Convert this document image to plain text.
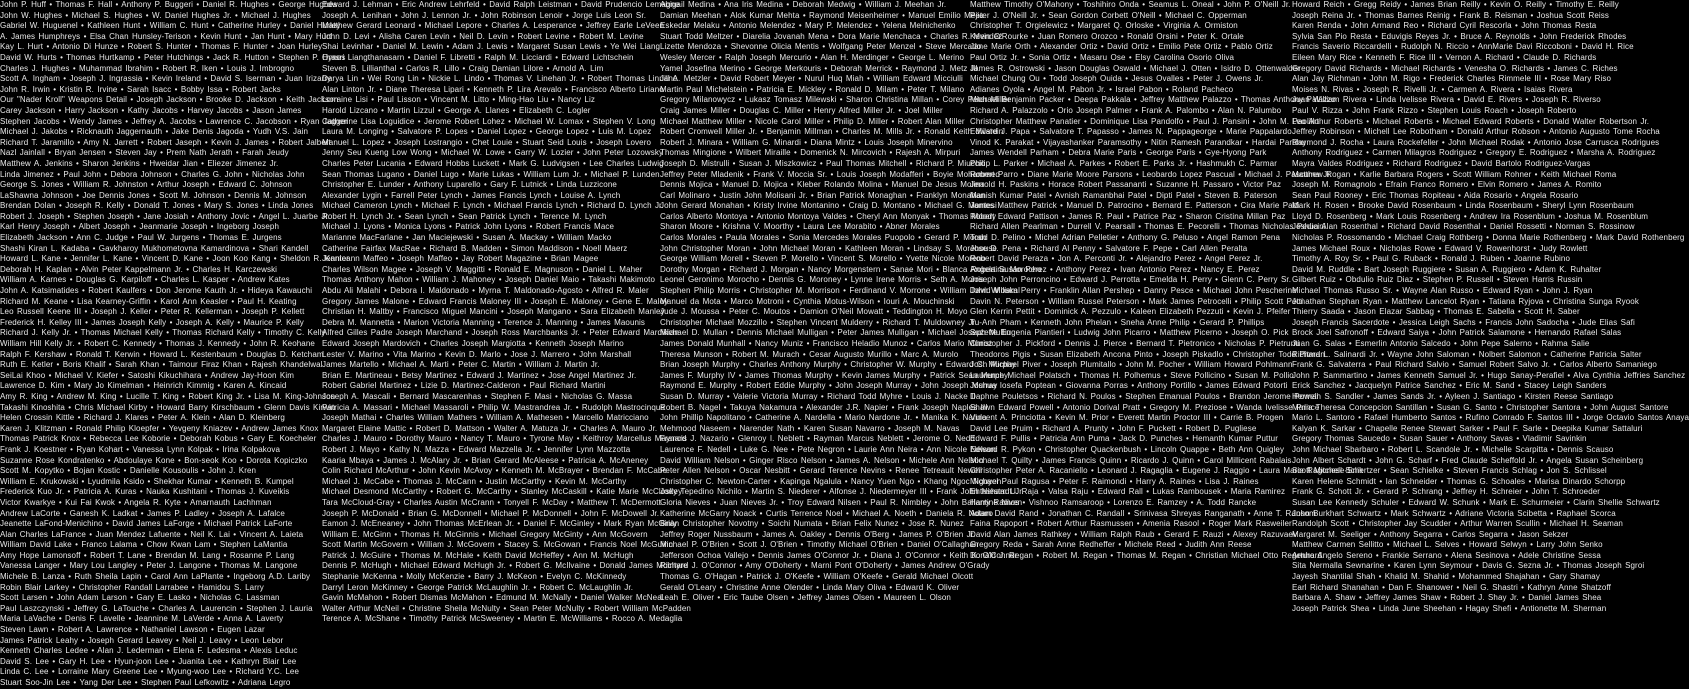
John P. Huff • Thomas F. Hall • Anthony P. Buggeri • Daniel R. Hughes • George Hughes
John W. Hughes • Michael S. Hughes • W. Daniel Hughes Jr. • Michael J. Hughes
Gabriel W. Huguenel • Kathleen Hunt • William C. Hunt • Catherine Hurley • Daniel Hurley
A. James Humphreys • Elsa Chan Hunsley-Terison • Kevin Hunt • Jan Hunt • Mary Hurt
Kay L. Hurt • Antonio Di Hunze • Robert S. Hunter • Thomas F. Hunter • Joan Hurley
David W. Hurts • Thomas Hurtkamp • Peter Hutchings • Jack R. Hutton • Stephen P. Hynes
Charles J. Hughes • Muhammad Ibrahim • Robert R. Iken • Louis J. Imbrogno
Scott A. Ingham • Joseph J. Ingrassia • Kevin Ireland • David S. Iserman • Juan Irizarry
John R. Irwin • Kristin R. Irvine • Sarah Isacc • Bobby Issa • Robert Jacks
Our "Nader Kroll" Weapons Detail • Joseph Jackson • Brooke D. Jackson • Keith Jackson
Carey Jackson • Harry Jackson • Kathy Jacobs • Harvey Jacobs • Jason James
Stephen Jacobs • Wendy James • Jeffrey A. Jacobs • Lawrence C. Jacobson • Ryan Jagger
Michael J. Jakobs • Ricknauth Jaggernauth • Jake Denis Jagoda • Yudh V.S. Jain
Richard T. Jaramillo • Amy N. Jarrett • Robert Jaseph • Kevin J. James • Robert Jalbert
Nazl Jainlall • Bryan Jensen • Steven Jay • Prem Nath Jerath • Farah Jeudy
Matthew A. Jenkins • Sharon Jenkins • Hweidar Jian • Eliezer Jimenez Jr.
Linda Jimenez • Paul John • Debora Johnson • Charles G. John • Nicholas John
George S. Jones • William R. Johnston • Arthur Joseph • Edward C. Johnson
LaShawna Johnson • Joe Dennis Jones • Scott M. Johnson • Dennis M. Johnson
Brendan Dolan • Joseph R. Kelly • Donald T. Jones • Mary S. Jones • Linda Jones
Robert J. Joseph • Stephen Joseph • Jane Josiah • Anthony Jovic • Angel L. Juarbe Jr.
Karl Henry Joseph • Albert Joseph • Jeanmarie Joseph • Ingeborg Joseph
Elizabeth Jackson • Ann C. Judge • Paul W. Jurgens • Thomas E. Jurgens
Shashi Kiran L. Kadaba • Gavkharoy Mukhometovna Kamardinova • Shari Kandell
Howard L. Kane • Jennifer L. Kane • Vincent D. Kane • Joon Koo Kang • Sheldon R. Kanter
Deborah H. Kaplan • Alvin Peter Kappelmann Jr. • Charles H. Karczewski
William A. Karnes • Douglas G. Karpiloff • Charles L. Kasper • Andrew Kates
John A. Katsimatides • Robert Kaulfers • Don Jerome Kauth Jr. • Hideya Kawauchi
Richard M. Keane • Lisa Kearney-Griffin • Karol Ann Keasler • Paul H. Keating
Leo Russell Keene III • Joseph J. Keller • Peter R. Kellerman • Joseph P. Kellett
Frederick H. Kelley III • James Joseph Kelly • Joseph A. Kelly • Maurice P. Kelly
Richard J. Kelly Jr. • Thomas Michael Kelly • Thomas Richard Kelly • Timothy C. Kelly
William Hill Kelly Jr. • Robert C. Kennedy • Thomas J. Kennedy • John R. Keohane
Ralph F. Kershaw • Ronald T. Kerwin • Howard L. Kestenbaum • Douglas D. Ketcham
Ruth E. Ketler • Boris Khalif • Sarah Khan • Taimour Firaz Khan • Rajesh Khandelwal
SeiLai Khoo • Michael V. Kiefer • Satoshi Kikuchihara • Andrew Jay-Hoon Kim
Lawrence D. Kim • Mary Jo Kimelman • Heinrich Kimmig • Karen A. Kincaid
Amy R. King • Andrew M. King • Lucille T. King • Robert King Jr. • Lisa M. King-Johnson
Takashi Kinoshita • Chris Michael Kirby • Howard Barry Kirschbaum • Glenn Davis Kirwin
Helen Crossin Kittle • Richard J. Klares • Peter A. Klein • Alan D. Kleinberg
Karen J. Klitzman • Ronald Philip Kloepfer • Yevgeny Kniazev • Andrew James Knox
Thomas Patrick Knox • Rebecca Lee Koborie • Deborah Kobus • Gary E. Koecheler
Frank J. Koestner • Ryan Kohart • Vanessa Lynn Kolpak • Irina Kolpakova
Suzanne Rose Kondratenko • Abdoulaye Kone • Bon-seok Koo • Dorota Kopiczko
Scott M. Kopytko • Bojan Kostic • Danielle Kousoulis • John J. Kren
William E. Krukowski • Lyudmila Ksido • Shekhar Kumar • Kenneth B. Kumpel
Frederick Kuo Jr. • Patricia A. Kuras • Nauka Kushitani • Thomas J. Kuveikis
Victor Kwarkye • Kui Fai Kwok • Angela R. Kyte • Amarnauth Lachhman
Andrew LaCorte • Ganesh K. Ladkat • James P. Ladley • Joseph A. Lafalce
Jeanette LaFond-Menichino • David James LaForge • Michael Patrick LaForte
Alan Charles LaFrance • Juan Mendez Lafuente • Neil K. Lai • Vincent A. Laieta
William David Lake • Franco Lalama • Chow Kwan Lam • Stephen LaMantia
Amy Hope Lamonsoff • Robert T. Lane • Brendan M. Lang • Rosanne P. Lang
Vanessa Langer • Mary Lou Langley • Peter J. Langone • Thomas M. Langone
Michele B. Lanza • Ruth Sheila Lapin • Carol Ann LaPlante • Ingeborg A.D. Lariby
Robin Blair Larkey • Christopher Randall Larrabee • Hamidou S. Larry
Scott Larsen • John Adam Larson • Gary E. Lasko • Nicholas C. Lassman
Paul Laszczynski • Jeffrey G. LaTouche • Charles A. Laurencin • Stephen J. Lauria
Maria LaVache • Denis F. Lavelle • Jeannine M. LaVerde • Anna A. Laverty
Steven Lawn • Robert A. Lawrence • Nathaniel Lawson • Eugen Lazar
James Patrick Leahy • Joseph Gerard Leavey • Neil J. Leavy • Leon Lebor
Kenneth Charles Ledee • Alan J. Lederman • Elena F. Ledesma • Alexis Leduc
David S. Lee • Gary H. Lee • Hyun-joon Lee • Juanita Lee • Kathryn Blair Lee
Linda C. Lee • Lorraine Mary Greene Lee • Myung-woo Lee • Richard Y.C. Lee
Stuart Soo-Jin Lee • Yang Der Lee • Stephen Paul Lefkowitz • Adriana Legro
Edward J. Lehman • Eric Andrew Lehrfeld • David Ralph Leistman • David Prudencio Lemagne
Joseph A. Lenihan • John J. Lennon Jr. • John Robinson Lenoir • Jorge Luis Leon Sr.
Matthew Gerard Leonard • Michael Lepore • Charles A. Lesperance • Jeffrey Earle LeVeen
John D. Levi • Alisha Caren Levin • Neil D. Levin • Robert Levine • Robert M. Levine
Shai Levinhar • Daniel M. Lewin • Adam J. Lewis • Margaret Susan Lewis • Ye Wei Liang
Orasri Liangthanasarn • Daniel F. Libretti • Ralph M. Licciardi • Edward Lichtschein
Steven B. Lillianthal • Carlos R. Lillo • Craig Damian Lilore • Arnold A. Lim
Darya Lin • Wei Rong Lin • Nickie L. Lindo • Thomas V. Linehan Jr. • Robert Thomas Linnane
Alan Linton Jr. • Diane Theresa Lipari • Kenneth P. Lira Arevalo • Francisco Alberto Liriano
Lorraine Lisi • Paul Lisson • Vincent M. Litto • Ming-Hao Liu • Nancy Liz
Harold Lizcano • Martin Lizzul • George A. Llanes • Elizabeth C. Logler
Catherine Lisa Loguidice • Jerome Robert Lohez • Michael W. Lomax • Stephen V. Long
Laura M. Longing • Salvatore P. Lopes • Daniel Lopez • George Lopez • Luis M. Lopez
Manuel L. Lopez • Joseph Lostrangio • Chet Louie • Stuart Seid Louis • Joseph Lovero
Jenny Seu Kueng Low Wong • Michael W. Lowe • Garry W. Lozier • John Peter Lozowsky
Charles Peter Lucania • Edward Hobbs Luckett • Mark G. Ludvigsen • Lee Charles Ludwig
Sean Thomas Lugano • Daniel Lugo • Marie Lukas • William Lum Jr. • Michael P. Lunden
Christopher E. Lunder • Anthony Luparello • Gary F. Lutnick • Linda Luzzicone
Alexander Lygin • Farrell Peter Lynch • James Francis Lynch • Louise A. Lynch
Michael Cameron Lynch • Michael F. Lynch • Michael Francis Lynch • Richard D. Lynch Jr.
Robert H. Lynch Jr. • Sean Lynch • Sean Patrick Lynch • Terence M. Lynch
Michael J. Lyons • Monica Lyons • Patrick John Lyons • Robert Francis Mace
Marianne MacFarlane • Jan Maciejewski • Susan A. Mackay • William Macko
Catherine Fairfax MacRae • Richard B. Madden • Simon Maddison • Noell Maerz
Jennieann Maffeo • Joseph Maffeo • Jay Robert Magazine • Brian Magee
Charles Wilson Magee • Joseph V. Maggitti • Ronald E. Magnuson • Daniel L. Maher
Thomas Anthony Mahon • William J. Mahoney • Joseph Daniel Maio • Takashi Makimoto
Abdu Ali Malahi • Debora I. Maldonado • Myrna T. Maldonado-Agosto • Alfred R. Maler
Gregory James Malone • Edward Francis Maloney III • Joseph E. Maloney • Gene E. Maloy
Christian H. Maltby • Francisco Miguel Mancini • Joseph Mangano • Sara Elizabeth Manley
Debra M. Mannetta • Marion Victoria Manning • Terence J. Manning • James Maounis
Alfred Gilles Padre Joseph Marchand • Joseph Ross Marchbanks Jr. • Peter Edward Mardikian
Edward Joseph Mardovich • Charles Joseph Margiotta • Kenneth Joseph Marino
Lester V. Marino • Vita Marino • Kevin D. Marlo • Jose J. Marrero • John Marshall
James Martello • Michael A. Marti • Peter C. Martin • William J. Martin Jr.
Brian E. Martineau • Betsy Martinez • Edward J. Martinez • Jose Angel Martinez Jr.
Robert Gabriel Martinez • Lizie D. Martinez-Calderon • Paul Richard Martini
Joseph A. Mascali • Bernard Mascarenhas • Stephen F. Masi • Nicholas G. Massa
Patricia A. Massari • Michael Massaroli • Philip W. Mastrandrea Jr. • Rudolph Mastrocinque
Joseph Mathai • Charles William Mathers • William A. Mathesen • Marcello Matricciano
Margaret Elaine Mattic • Robert D. Mattson • Walter A. Matuza Jr. • Charles A. Mauro Jr.
Charles J. Mauro • Dorothy Mauro • Nancy T. Mauro • Tyrone May • Keithroy Marcellus Maynard
Robert J. Mayo • Kathy N. Mazza • Edward Mazzella Jr. • Jennifer Lynn Mazzotta
Kaaria Mbaya • James J. McAlary Jr. • Brian Gerard McAleese • Patricia A. McAneney
Colin Richard McArthur • John Kevin McAvoy • Kenneth M. McBrayer • Brendan F. McCabe
Michael J. McCabe • Thomas J. McCann • Justin McCarthy • Kevin M. McCarthy
Michael Desmond McCarthy • Robert G. McCarthy • Stanley McCaskill • Katie Marie McCloskey
Tara McCloud-Gray • Charles Austin McCrann • Tonyell F. McDay • Matthew T. McDermott
Joseph P. McDonald • Brian G. McDonnell • Michael P. McDonnell • John F. McDowell Jr.
Eamon J. McEneaney • John Thomas McErlean Jr. • Daniel F. McGinley • Mark Ryan McGinly
William E. McGinn • Thomas H. McGinnis • Michael Gregory McGinty • Ann McGovern
Scott Martin McGovern • William J. McGovern • Stacey S. McGowan • Francis Noel McGuinn
Patrick J. McGuire • Thomas M. McHale • Keith David McHeffey • Ann M. McHugh
Dennis P. McHugh • Michael Edward McHugh Jr. • Robert G. McIlvaine • Donald James McIntyre
Stephanie McKenna • Molly McKenzie • Barry J. McKeon • Evelyn C. McKinnedy
Darryl Leron McKinney • George Patrick McLaughlin Jr. • Robert C. McLaughlin Jr.
Gavin McMahon • Robert Dismas McMahon • Edmund M. McNally • Daniel Walker McNeal
Walter Arthur McNeil • Christine Sheila McNulty • Sean Peter McNulty • Robert William McPadden
Terence A. McShane • Timothy Patrick McSweeney • Martin E. McWilliams • Rocco A. Medaglia
Abigail Medina • Ana Iris Medina • Deborah Medwig • William J. Meehan Jr.
Damian Meehan • Alok Kumar Mehta • Raymond Meisenheimer • Manuel Emilio Mejia
Eskedar Melaku • Antonio Melendez • Mary P. Melendez • Yelena Melnichenko
Stuart Todd Meltzer • Diarelia Jovanah Mena • Dora Marie Menchaca • Charles R. Mendez
Lizette Mendoza • Shevonne Olicia Mentis • Wolfgang Peter Menzel • Steve Mercado
Wesley Mercer • Ralph Joseph Mercurio • Alan H. Merdinger • George L. Merino
Yamel Josefina Merino • George Merkouris • Deborah Merrick • Raymond J. Metz III
Jill A. Metzler • David Robert Meyer • Nurul Huq Miah • William Edward Micciulli
Martin Paul Michelstein • Patricia E. Mickley • Ronald D. Milam • Peter T. Milano
Gregory Milanowycz • Lukasz Tomasz Milewski • Sharon Christina Millan • Corey Peter Miller
Craig James Miller • Douglas C. Miller • Henry Alfred Miller Jr. • Joel Miller
Michael Matthew Miller • Nicole Carol Miller • Philip D. Miller • Robert Alan Miller
Robert Cromwell Miller Jr. • Benjamin Millman • Charles M. Mills Jr. • Ronald Keith Milstein
Robert J. Minara • William G. Minardi • Diana Mintz • Louis Joseph Minervino
Thomas Mingione • Wilbert Miraille • Domenick N. Mircovich • Rajesh A. Mirpuri
Joseph D. Mistrulli • Susan J. Miszkowicz • Paul Thomas Mitchell • Richard P. Miuccio
Jeffrey Peter Mladenik • Frank V. Moccia Sr. • Louis Joseph Modafferi • Boyie Mohammed
Dennis Mojica • Manuel D. Mojica • Kleber Rolando Molina • Manuel De Jesus Molina
Carl Molinaro • Justin John Molisani Jr. • Brian Patrick Monaghan • Franklyn Monahan
John Gerard Monahan • Kristy Irvine Montanino • Craig D. Montano • Michael G. Montesi
Carlos Alberto Montoya • Antonio Montoya Valdes • Cheryl Ann Monyak • Thomas Moody
Sharon Moore • Krishna V. Moorthy • Laura Lee Morabito • Abner Morales
Carlos Morales • Paula Morales • Sonia Mercedes Morales Puopolo • Gerard P. Moran
John Christopher Moran • John Michael Moran • Kathleen Moran • Lindsay S. Morehouse
George William Morell • Steven P. Morello • Vincent S. Morello • Yvette Nicole Moreno
Dorothy Morgan • Richard J. Morgan • Nancy Morgenstern • Sanae Mori • Blanca Robertina Morocho
Leonel Geronimo Morocho • Dennis G. Moroney • Lynne Irene Morris • Seth A. Morris
Stephen Philip Morris • Christopher M. Morrison • Ferdinand V. Morrone • William David Moskal
Manuel da Mota • Marco Motroni • Cynthia Motus-Wilson • Iouri A. Mouchinski
Jude J. Moussa • Peter C. Moutos • Damion O'Neil Mowatt • Teddington H. Moyo
Christopher Michael Mozzillo • Stephen Vincent Mulderry • Richard T. Muldowney Jr.
Michael D. Mullan • Dennis Michael Mulligan • Peter James Mulligan • Michael Joseph Mullin
James Donald Munhall • Nancy Muniz • Francisco Heladio Munoz • Carlos Mario Munoz
Theresa Munson • Robert M. Murach • Cesar Augusto Murillo • Marc A. Murolo
Brian Joseph Murphy • Charles Anthony Murphy • Christopher W. Murphy • Edward C. Murphy
James F. Murphy IV • James Thomas Murphy • Kevin James Murphy • Patrick Sean Murphy
Raymond E. Murphy • Robert Eddie Murphy • John Joseph Murray • John Joseph Murray
Susan D. Murray • Valerie Victoria Murray • Richard Todd Myhre • Louis J. Nacke II
Robert B. Nagel • Takuya Nakamura • Alexander J.R. Napier • Frank Joseph Naples III
John Phillip Napolitano • Catherine A. Nardella • Mario Nardone Jr. • Manika K. Narula
Mehmood Naseem • Narender Nath • Karen Susan Navarro • Joseph M. Navas
Francis J. Nazario • Glenroy I. Neblett • Rayman Marcus Neblett • Jerome O. Nedd
Laurence F. Nedell • Luke G. Nee • Pete Negron • Laurie Ann Neira • Ann Nicole Nelson
David William Nelson • Ginger Risco Nelson • James A. Nelson • Michele Ann Nelson
Peter Allen Nelson • Oscar Nesbitt • Gerard Terence Nevins • Renee Tetreault Newell
Christopher C. Newton-Carter • Kapinga Ngalula • Nancy Yuen Ngo • Khang Ngoc Nguyen
Jody Tepedino Nichilo • Martin S. Niederer • Alfonse J. Niedermeyer III • Frank John Niestadt Jr.
Gloria Nieves • Juan Nieves Jr. • Troy Edward Nilsen • Paul R. Nimbley • John Ballantine Niven
Katherine McGarry Noack • Curtis Terrence Noel • Michael A. Noeth • Daniela R. Notaro
Brian Christopher Novotny • Soichi Numata • Brian Felix Nunez • Jose R. Nunez
Jeffrey Roger Nussbaum • James A. Oakley • Dennis O'Berg • James P. O'Brien Jr.
Michael P. O'Brien • Scott J. O'Brien • Timothy Michael O'Brien • Daniel O'Callaghan
Jefferson Ochoa Vallejo • Dennis James O'Connor Jr. • Diana J. O'Connor • Keith K. O'Connor
Richard J. O'Connor • Amy O'Doherty • Marni Pont O'Doherty • James Andrew O'Grady
Thomas G. O'Hagan • Patrick J. O'Keefe • William O'Keefe • Gerald Michael Olcott
Gerald O'Leary • Christine Anne Olender • Linda Mary Oliva • Edward K. Oliver
Leah E. Oliver • Eric Taube Olsen • Jeffrey James Olsen • Maureen L. Olson
Matthew Timothy O'Mahony • Toshihiro Onda • Seamus L. Oneal • John P. O'Neill Jr.
Peter J. O'Neill Jr. • Sean Gordon Corbett O'Neill • Michael C. Opperman
Christopher T. Orgielewicz • Margaret Q. Orloske • Virginia A. Ormiston
Kevin O'Rourke • Juan Romero Orozco • Ronald Orsini • Peter K. Ortale
Jane Marie Orth • Alexander Ortiz • David Ortiz • Emilio Pete Ortiz • Pablo Ortiz
Paul Ortiz Jr. • Sonia Ortiz • Masaru Ose • Elsy Carolina Osorio Oliva
James R. Ostrowski • Jason Douglas Oswald • Michael J. Otten • Isidro D. Ottenwalder
Michael Chung Ou • Todd Joseph Ouida • Jesus Ovalles • Peter J. Owens Jr.
Adianes Oyola • Angel M. Pabon Jr. • Israel Pabon • Roland Pacheco
Michael Benjamin Packer • Deepa Pakkala • Jeffrey Matthew Palazzo • Thomas Anthony Palazzo
Richard A. Palazzolo • Orio Joseph Palmer • Frank A. Palombo • Alan N. Palumbo
Christopher Matthew Panatier • Dominique Lisa Pandolfo • Paul J. Pansini • John M. Paolillo
Edward J. Papa • Salvatore T. Papasso • James N. Pappageorge • Marie Pappalardo
Vinod K. Parakat • Vijayashanker Paramsothy • Nitin Ramesh Parandkar • Hardai Parbhu
James Wendell Parham • Debra Marie Paris • George Paris • Gye-Hyong Park
Philip L. Parker • Michael A. Parkes • Robert E. Parks Jr. • Hashmukh C. Parmar
Robert Parro • Diane Marie Moore Parsons • Leobardo Lopez Pascual • Michael J. Pascuma Jr.
Jerrold H. Paskins • Horace Robert Passananti • Suzanne H. Passaro • Victor Paz
Manish Kumar Patel • Avnish Ramanbhai Patel • Dipti Patel • Steven B. Paterson
James Matthew Patrick • Manuel D. Patrocino • Bernard E. Patterson • Cira Marie Patti
Robert Edward Pattison • James R. Paul • Patrice Paz • Sharon Cristina Millan Paz
Richard Allen Pearlman • Durrell V. Pearsall • Thomas E. Pecorelli • Thomas Nicholas Pedicini
Todd D. Pelino • Michel Adrian Pelletier • Anthony G. Peluso • Angel Ramon Pena
Jose D. Pena • Richard Al Penny • Salvatore F. Pepe • Carl Allen Peralta
Robert David Peraza • Jon A. Perconti Jr. • Alejandro Perez • Angel Perez Jr.
Angela Susan Perez • Anthony Perez • Ivan Antonio Perez • Nancy E. Perez
Joseph John Perroncino • Edward J. Perrotta • Emelda H. Perry • Glenn C. Perry Sr.
John William Perry • Franklin Allan Pershep • Danny Pesce • Michael John Pescherine
Davin N. Peterson • William Russel Peterson • Mark James Petrocelli • Philip Scott Petti
Glen Kerrin Pettit • Dominick A. Pezzulo • Kaleen Elizabeth Pezzuti • Kevin J. Pfeifer
Tu-Anh Pham • Kenneth John Phelan • Sneha Anne Philip • Gerard P. Phillips
Suzette Eugenia Piantieri • Ludwig John Picarro • Matthew Picerno • Joseph O. Pick
Christopher J. Pickford • Dennis J. Pierce • Bernard T. Pietronico • Nicholas P. Pietrunti
Theodoros Pigis • Susan Elizabeth Ancona Pinto • Joseph Piskadlo • Christopher Todd Pitman
Josh Michael Piver • Joseph Plumitallo • John M. Pocher • William Howard Pohlmann
Laurence Michael Polatsch • Thomas H. Polhemus • Steve Pollicino • Susan M. Pollio
Joshua Iosefa Poptean • Giovanna Porras • Anthony Portillo • James Edward Potorti
Daphne Pouletsos • Richard N. Poulos • Stephen Emanual Poulos • Brandon Jerome Powell
Shawn Edward Powell • Antonio Dorival Pratt • Gregory M. Preziose • Wanda Ivelisse Prince
Vincent A. Princiotta • Kevin M. Prior • Everett Martin Proctor III • Carrie B. Progen
David Lee Pruim • Richard A. Prunty • John F. Puckett • Robert D. Pugliese
Edward F. Pullis • Patricia Ann Puma • Jack D. Punches • Hemanth Kumar Puttur
Edward R. Pykon • Christopher Quackenbush • Lincoln Quappe • Beth Ann Quigley
Michael T. Quilty • James Francis Quinn • Ricardo J. Quinn • Carol Millicent Rabalais
Christopher Peter A. Racaniello • Leonard J. Ragaglia • Eugene J. Raggio • Laura Marie Ragonese-Snik
Michael Paul Ragusa • Peter F. Raimondi • Harry A. Raines • Lisa J. Raines
Ehtesham U. Raja • Valsa Raju • Edward Rall • Lukas Rambousek • Maria Ramirez
Harry Ramos • Vishnoo Ramsaroop • Lorenzo E. Ramzey • A. Todd Rancke
Adam David Rand • Jonathan C. Randall • Srinivasa Shreyas Ranganath • Anne T. Ransom
Faina Rapoport • Robert Arthur Rasmussen • Amenia Rasool • Roger Mark Rasweiler
David Alan James Rathkey • William Ralph Raub • Gerard F. Rauzi • Alexey Razuvaev
Gregory Reda • Sarah Anne Redheffer • Michele Reed • Judith Ann Reese
Donald J. Regan • Robert M. Regan • Thomas M. Regan • Christian Michael Otto Regenhard
Howard Reich • Gregg Reidy • James Brian Reilly • Kevin O. Reilly • Timothy E. Reilly
Joseph Reina Jr. • Thomas Barnes Reinig • Frank B. Reisman • Joshua Scott Reiss
Karen Renda • John Armand Reo • Richard Cyril Rescorla • John Thomas Resta
Sylvia San Pio Resta • Eduvigis Reyes Jr. • Bruce A. Reynolds • John Frederick Rhodes
Francis Saverio Riccardelli • Rudolph N. Riccio • AnnMarie Davi Riccoboni • David H. Rice
Eileen Mary Rice • Kenneth F. Rice III • Vernon A. Richard • Claude D. Richards
Gregory David Richards • Michael Richards • Venesha O. Richards • James C. Riches
Alan Jay Richman • John M. Rigo • Frederick Charles Rimmele III • Rose Mary Riso
Moises N. Rivas • Joseph R. Rivelli Jr. • Carmen A. Rivera • Isaias Rivera
Juan William Rivera • Linda Ivelisse Rivera • David E. Rivers • Joseph R. Riverso
Paul V. Rizza • John Frank Rizzo • Stephen Louis Roach • Joseph Roberto
Leo Arthur Roberts • Michael Roberts • Michael Edward Roberts • Donald Walter Robertson Jr.
Jeffrey Robinson • Michell Lee Robotham • Donald Arthur Robson • Antonio Augusto Tome Rocha
Raymond J. Rocha • Laura Rockefeller • John Michael Rodak • Antonio Jose Carrusca Rodrigues
Anthony Rodriguez • Carmen Milagros Rodriguez • Gregory E. Rodriguez • Marsha A. Rodriguez
Mayra Valdes Rodriguez • Richard Rodriguez • David Bartolo Rodriguez-Vargas
Matthew Rogan • Karlie Barbara Rogers • Scott William Rohner • Keith Michael Roma
Joseph M. Romagnolo • Efrain Franco Romero • Elvin Romero • James A. Romito
Sean Paul Rooney • Eric Thomas Ropiteau • Aida Rosario • Angela Rosario
Mark H. Rosen • Brooke David Rosenbaum • Linda Rosenbaum • Sheryl Lynn Rosenbaum
Lloyd D. Rosenberg • Mark Louis Rosenberg • Andrew Ira Rosenblum • Joshua M. Rosenblum
Joshua Alan Rosenthal • Richard David Rosenthal • Daniel Rossetti • Norman S. Rossinow
Nicholas P. Rossomando • Michael Craig Rothberg • Donna Marie Rothenberg • Mark David Rothenberg
James Michael Roux • Nicholas Rowe • Edward V. Rowenhorst • Judy Rowlett
Timothy A. Roy Sr. • Paul G. Ruback • Ronald J. Ruben • Joanne Rubino
David M. Ruddle • Bart Joseph Ruggiere • Susan A. Ruggiero • Adam K. Ruhalter
Gilbert Ruiz • Obdulio Ruiz Diaz • Stephen P. Russell • Steven Harris Russin
Michael Thomas Russo Sr. • Wayne Alan Russo • Edward Ryan • John J. Ryan
Jonathan Stephan Ryan • Matthew Lancelot Ryan • Tatiana Ryjova • Christina Sunga Ryook
Thierry Saada • Jason Elazar Sabbag • Thomas E. Sabella • Scott H. Saber
Joseph Francis Sacerdote • Jessica Leigh Sachs • Francis John Sadocha • Jude Elias Safi
Brock Joel Safronoff • Edward Saiya • John Patrick Salamone • Hernando Rafael Salas
Juan G. Salas • Esmerlin Antonio Salcedo • John Pepe Salerno • Rahma Salie
Richard L. Salinardi Jr. • Wayne John Saloman • Nolbert Salomon • Catherine Patricia Salter
Frank G. Salvaterra • Paul Richard Salvio • Samuel Robert Salvo Jr. • Carlos Alberto Samaniego
John P. Sammartino • James Kenneth Samuel Jr. • Hugo Sanay-Perafiel • Alva Cynthia Jeffries Sanchez
Erick Sanchez • Jacquelyn Patrice Sanchez • Eric M. Sand • Stacey Leigh Sanders
Herman S. Sandler • James Sands Jr. • Ayleen J. Santiago • Kirsten Reese Santiago
Maria Theresa Concepcion Santillan • Susan G. Santo • Christopher Santora • John August Santore
Mario L. Santoro • Rafael Humberto Santos • Rufino Conrado F. Santos III • Jorge Octavio Santos Anaya
Kalyan K. Sarkar • Chapelle Renee Stewart Sarker • Paul F. Sarle • Deepika Kumar Sattaluri
Gregory Thomas Saucedo • Susan Sauer • Anthony Savas • Vladimir Savinkin
John Michael Sbarbaro • Robert L. Scandole Jr. • Michelle Scarpitta • Dennis Scauso
John Albert Schardt • John G. Scharf • Fred Claude Scheffold Jr. • Angela Susan Scheinberg
Scott Mitchell Schertzer • Sean Schielke • Steven Francis Schlag • Jon S. Schlissel
Karen Helene Schmidt • Ian Schneider • Thomas G. Schoales • Marisa Dinardo Schorpp
Frank G. Schott Jr. • Gerard P. Schrang • Jeffrey H. Schreier • John T. Schroeder
Susan Lee Kennedy Schuler • Edward W. Schunk • Mark E. Schurmeier • Clarin Shellie Schwartz
John Burkhart Schwartz • Mark Schwartz • Adriane Victoria Scibetta • Raphael Scorca
Randolph Scott • Christopher Jay Scudder • Arthur Warren Scullin • Michael H. Seaman
Margaret M. Seeliger • Anthony Segarra • Carlos Segarra • Jason Sekzer
Matthew Carmen Sellitto • Michael L. Selves • Howard Selwyn • Larry John Senko
Arturo Angelo Sereno • Frankie Serrano • Alena Sesinova • Adele Christine Sessa
Sita Nermalla Sewnarine • Karen Lynn Seymour • Davis G. Sezna Jr. • Thomas Joseph Sgroi
Jayesh Shantilal Shah • Khalid M. Shahid • Mohammed Shajahan • Gary Shamay
Earl Richard Shanahan • Dan F. Shanower • Neil G. Shastri • Kathryn Anne Shatzoff
Barbara A. Shaw • Jeffrey James Shaw • Robert J. Shay Jr. • Daniel James Shea
Joseph Patrick Shea • Linda June Sheehan • Hagay Shefi • Antionette M. Sherman
